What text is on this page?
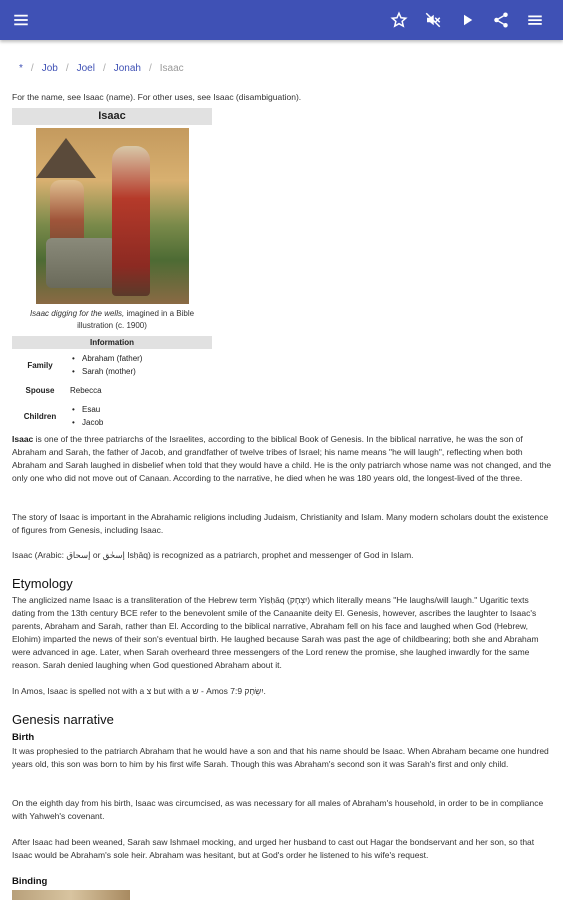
* / Job / Joel / Jonah / Isaac
For the name, see Isaac (name). For other uses, see Isaac (disambiguation).
Isaac
Isaac digging for the wells, imagined in a Bible illustration (c. 1900)
Information
Family
• Abraham (father)
• Sarah (mother)
Spouse	Rebecca
Children
• Esau
• Jacob
Isaac is one of the three patriarchs of the Israelites, according to the biblical Book of Genesis. In the biblical narrative, he was the son of Abraham and Sarah, the father of Jacob, and grandfather of twelve tribes of Israel; his name means "he will laugh", reflecting when both Abraham and Sarah laughed in disbelief when told that they would have a child. He is the only patriarch whose name was not changed, and the only one who did not move out of Canaan. According to the narrative, he died when he was 180 years old, the longest-lived of the three.
The story of Isaac is important in the Abrahamic religions including Judaism, Christianity and Islam. Many modern scholars doubt the existence of figures from Genesis, including Isaac.
Isaac (Arabic: إسحاق or إسحٰق Isḥāq) is recognized as a patriarch, prophet and messenger of God in Islam.
Etymology
The anglicized name Isaac is a transliteration of the Hebrew term Yiṣḥāq (יִצְחָק) which literally means "He laughs/will laugh." Ugaritic texts dating from the 13th century BCE refer to the benevolent smile of the Canaanite deity El. Genesis, however, ascribes the laughter to Isaac's parents, Abraham and Sarah, rather than El. According to the biblical narrative, Abraham fell on his face and laughed when God (Hebrew, Elohim) imparted the news of their son's eventual birth. He laughed because Sarah was past the age of childbearing; both she and Abraham were advanced in age. Later, when Sarah overheard three messengers of the Lord renew the promise, she laughed inwardly for the same reason. Sarah denied laughing when God questioned Abraham about it.
In Amos, Isaac is spelled not with a צ but with a ש - Amos 7:9 יִשְׂחָק.
Genesis narrative
Birth
It was prophesied to the patriarch Abraham that he would have a son and that his name should be Isaac. When Abraham became one hundred years old, this son was born to him by his first wife Sarah. Though this was Abraham's second son it was Sarah's first and only child.
On the eighth day from his birth, Isaac was circumcised, as was necessary for all males of Abraham's household, in order to be in compliance with Yahweh's covenant.
After Isaac had been weaned, Sarah saw Ishmael mocking, and urged her husband to cast out Hagar the bondservant and her son, so that Isaac would be Abraham's sole heir. Abraham was hesitant, but at God's order he listened to his wife's request.
Binding
